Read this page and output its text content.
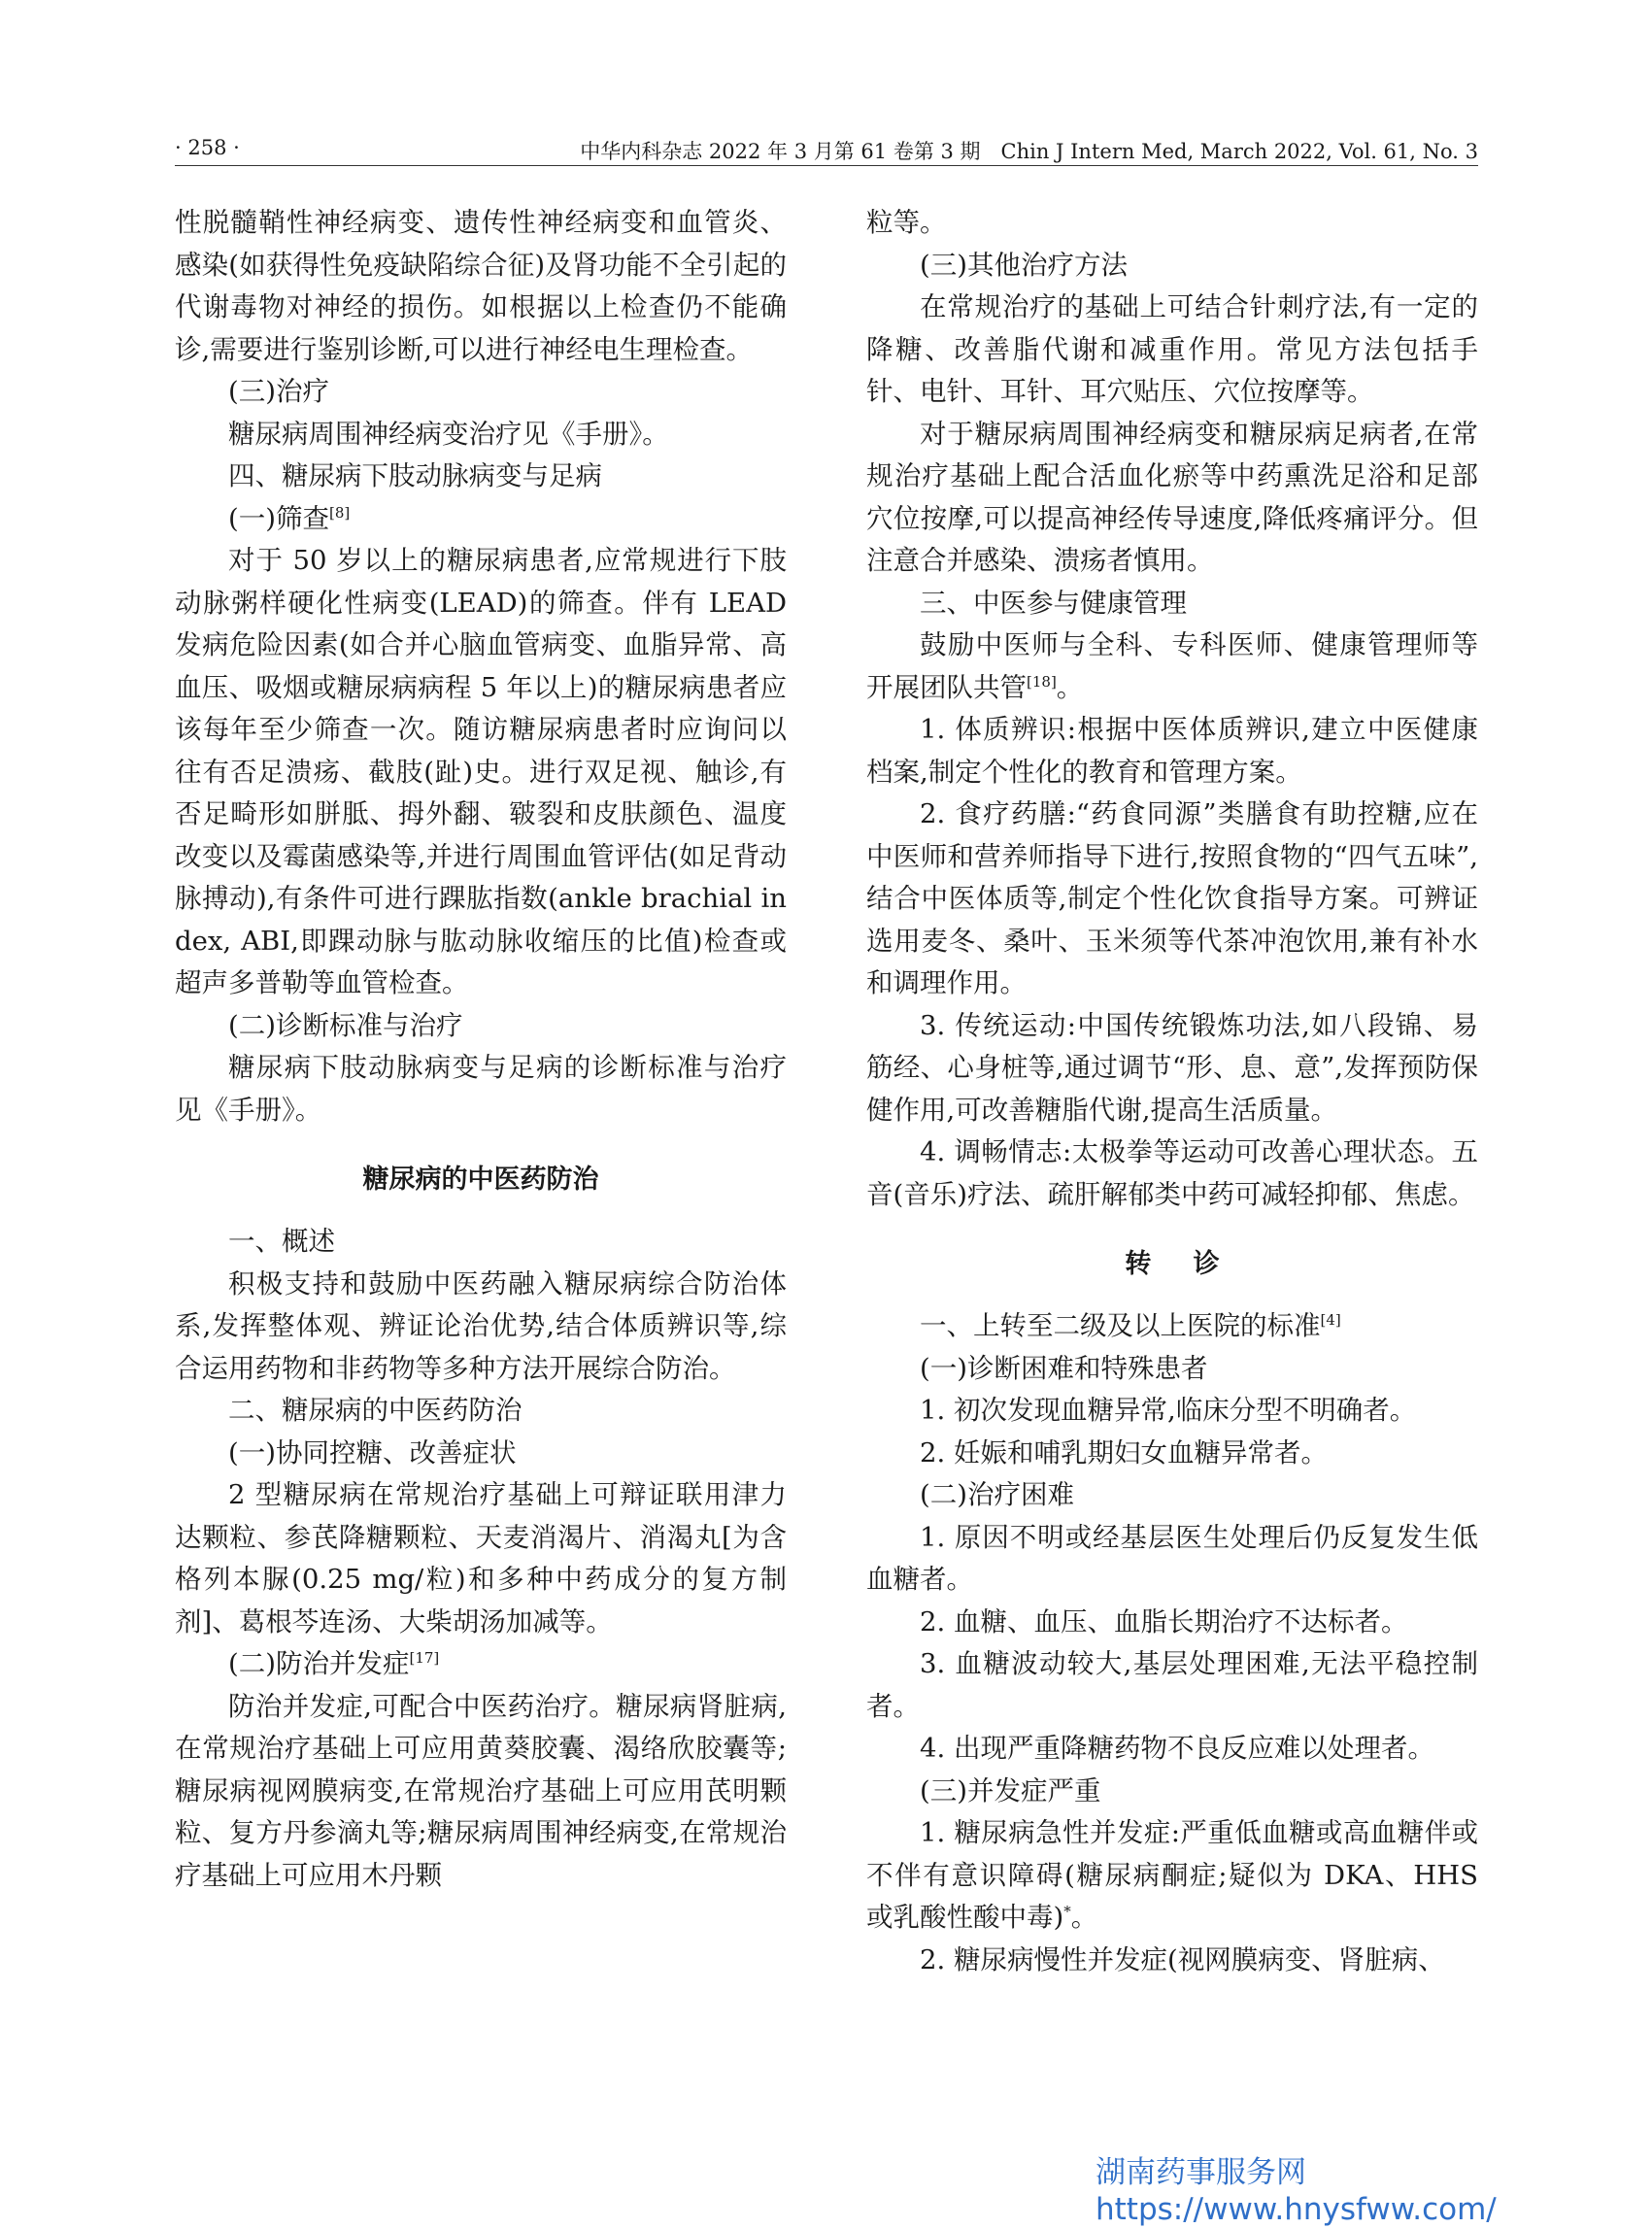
· 258 ·	中华内科杂志 2022 年 3 月第 61 卷第 3 期　Chin J Intern Med, March 2022, Vol. 61, No. 3

性脱髓鞘性神经病变、遗传性神经病变和血管炎、感染(如获得性免疫缺陷综合征)及肾功能不全引起的代谢毒物对神经的损伤。如根据以上检查仍不能确诊,需要进行鉴别诊断,可以进行神经电生理检查。

(三)治疗

糖尿病周围神经病变治疗见《手册》。

四、糖尿病下肢动脉病变与足病

(一)筛查[8]

对于 50 岁以上的糖尿病患者,应常规进行下肢动脉粥样硬化性病变(LEAD)的筛查。伴有 LEAD 发病危险因素(如合并心脑血管病变、血脂异常、高血压、吸烟或糖尿病病程 5 年以上)的糖尿病患者应该每年至少筛查一次。随访糖尿病患者时应询问以往有否足溃疡、截肢(趾)史。进行双足视、触诊,有否足畸形如胼胝、拇外翻、皲裂和皮肤颜色、温度改变以及霉菌感染等,并进行周围血管评估(如足背动脉搏动),有条件可进行踝肱指数(ankle brachial index, ABI,即踝动脉与肱动脉收缩压的比值)检查或超声多普勒等血管检查。

(二)诊断标准与治疗

糖尿病下肢动脉病变与足病的诊断标准与治疗见《手册》。

糖尿病的中医药防治

一、概述

积极支持和鼓励中医药融入糖尿病综合防治体系,发挥整体观、辨证论治优势,结合体质辨识等,综合运用药物和非药物等多种方法开展综合防治。

二、糖尿病的中医药防治

(一)协同控糖、改善症状

2 型糖尿病在常规治疗基础上可辩证联用津力达颗粒、参芪降糖颗粒、天麦消渴片、消渴丸[为含格列本脲(0.25 mg/粒)和多种中药成分的复方制剂]、葛根芩连汤、大柴胡汤加减等。

(二)防治并发症[17]

防治并发症,可配合中医药治疗。糖尿病肾脏病,在常规治疗基础上可应用黄葵胶囊、渴络欣胶囊等;糖尿病视网膜病变,在常规治疗基础上可应用芪明颗粒、复方丹参滴丸等;糖尿病周围神经病变,在常规治疗基础上可应用木丹颗

粒等。

(三)其他治疗方法

在常规治疗的基础上可结合针刺疗法,有一定的降糖、改善脂代谢和减重作用。常见方法包括手针、电针、耳针、耳穴贴压、穴位按摩等。

对于糖尿病周围神经病变和糖尿病足病者,在常规治疗基础上配合活血化瘀等中药熏洗足浴和足部穴位按摩,可以提高神经传导速度,降低疼痛评分。但注意合并感染、溃疡者慎用。

三、中医参与健康管理

鼓励中医师与全科、专科医师、健康管理师等开展团队共管[18]。

1. 体质辨识:根据中医体质辨识,建立中医健康档案,制定个性化的教育和管理方案。

2. 食疗药膳:“药食同源”类膳食有助控糖,应在中医师和营养师指导下进行,按照食物的“四气五味”,结合中医体质等,制定个性化饮食指导方案。可辨证选用麦冬、桑叶、玉米须等代茶冲泡饮用,兼有补水和调理作用。

3. 传统运动:中国传统锻炼功法,如八段锦、易筋经、心身桩等,通过调节“形、息、意”,发挥预防保健作用,可改善糖脂代谢,提高生活质量。

4. 调畅情志:太极拳等运动可改善心理状态。五音(音乐)疗法、疏肝解郁类中药可减轻抑郁、焦虑。

转诊

一、上转至二级及以上医院的标准[4]

(一)诊断困难和特殊患者

1. 初次发现血糖异常,临床分型不明确者。

2. 妊娠和哺乳期妇女血糖异常者。

(二)治疗困难

1. 原因不明或经基层医生处理后仍反复发生低血糖者。

2. 血糖、血压、血脂长期治疗不达标者。

3. 血糖波动较大,基层处理困难,无法平稳控制者。

4. 出现严重降糖药物不良反应难以处理者。

(三)并发症严重

1. 糖尿病急性并发症:严重低血糖或高血糖伴或不伴有意识障碍(糖尿病酮症;疑似为 DKA、HHS 或乳酸性酸中毒)*。

2. 糖尿病慢性并发症(视网膜病变、肾脏病、

湖南药事服务网
https://www.hnysfww.com/
